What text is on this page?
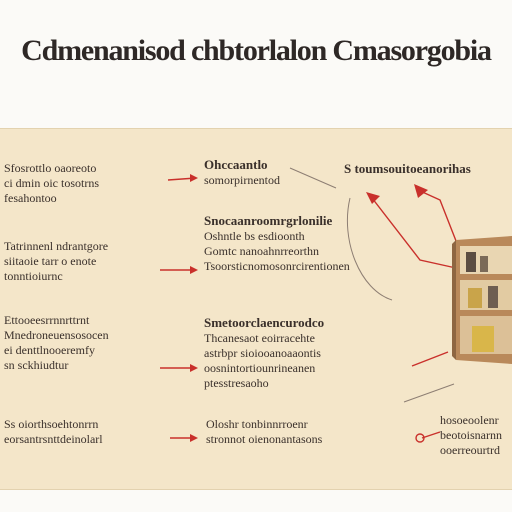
Cdmenanisod chbtorlalon Cmasorgobia

Sfosrottlo oaoreoto
ci dmin oic tosotrns
fesahontoo

Tatrinnenl ndrantgore
siitaoie tarr o enote
tonntioiurnc

Ettooeesrrnnrttrnt
Mnedroneuensosocen
ei denttlnooeremfy
sn sckhiudtur

Ss oiorthsoehtonrrn
eorsantrsnttdeinolarl

Ohccaantlo
somorpirnentod

Snocaanroomrgrlonilie
Oshntle bs esdioonth
Gomtc nanoahnrreorthn
Tsoorsticnomosonrcirentionen

Smetoorclaencurodco
Thcanesaot eoirracehte
astrbpr sioiooanoaaontis
oosnintortiounrineanen
ptesstresaoho

Oloshr tonbinnrroenr
stronnot oienonantasons

S toumsouitoeanorihas

hosoeoolenr
beotoisnarnn
ooerreourtrd
